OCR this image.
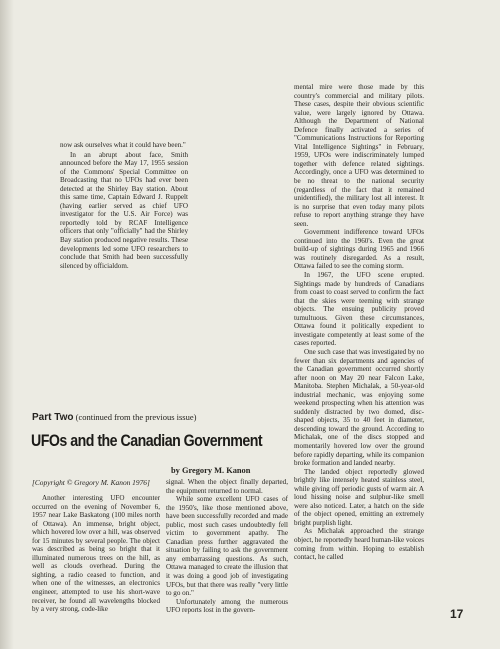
now ask ourselves what it could have been."

In an abrupt about face, Smith announced before the May 17, 1955 session of the Commons' Special Committee on Broadcasting that no UFOs had ever been detected at the Shirley Bay station. About this same time, Captain Edward J. Ruppelt (having earlier served as chief UFO investigator for the U.S. Air Force) was reportedly told by RCAF Intelligence officers that only "officially" had the Shirley Bay station produced negative results. These developments led some UFO researchers to conclude that Smith had been successfully silenced by officialdom.

mental mire were those made by this country's commercial and military pilots. These cases, despite their obvious scientific value, were largely ignored by Ottawa. Although the Department of National Defence finally activated a series of "Communications Instructions for Reporting Vital Intelligence Sightings" in February, 1959, UFOs were indiscriminately lumped together with defence related sightings. Accordingly, once a UFO was determined to be no threat to the national security (regardless of the fact that it remained unidentified), the military lost all interest. It is no surprise that even today many pilots refuse to report anything strange they have seen.

Government indifference toward UFOs continued into the 1960's. Even the great build-up of sightings during 1965 and 1966 was routinely disregarded. As a result, Ottawa failed to see the coming storm.

In 1967, the UFO scene erupted. Sightings made by hundreds of Canadians from coast to coast served to confirm the fact that the skies were teeming with strange objects. The ensuing publicity proved tumultuous. Given these circumstances, Ottawa found it politically expedient to investigate competently at least some of the cases reported.

One such case that was investigated by no fewer than six departments and agencies of the Canadian government occurred shortly after noon on May 20 near Falcon Lake, Manitoba. Stephen Michalak, a 50-year-old industrial mechanic, was enjoying some weekend prospecting when his attention was suddenly distracted by two domed, disc-shaped objects, 35 to 40 feet in diameter, descending toward the ground. According to Michalak, one of the discs stopped and momentarily hovered low over the ground before rapidly departing, while its companion broke formation and landed nearby.

The landed object reportedly glowed brightly like intensely heated stainless steel, while giving off periodic gusts of warm air. A loud hissing noise and sulphur-like smell were also noticed. Later, a hatch on the side of the object opened, emitting an extremely bright purplish light.

As Michalak approached the strange object, he reportedly heard human-like voices coming from within. Hoping to establish contact, he called

Part Two (continued from the previous issue)
UFOs and the Canadian Government
by Gregory M. Kanon
[Copyright © Gregory M. Kanon 1976]

Another interesting UFO encounter occurred on the evening of November 6, 1957 near Lake Baskatong (100 miles north of Ottawa). An immense, bright object, which hovered low over a hill, was observed for 15 minutes by several people. The object was described as being so bright that it illuminated numerous trees on the hill, as well as clouds overhead. During the sighting, a radio ceased to function, and when one of the witnesses, an electronics engineer, attempted to use his short-wave receiver, he found all wavelengths blocked by a very strong, code-like

signal. When the object finally departed, the equipment returned to normal.

While some excellent UFO cases of the 1950's, like those mentioned above, have been successfully recorded and made public, most such cases undoubtedly fell victim to government apathy. The Canadian press further aggravated the situation by failing to ask the government any embarrassing questions. As such, Ottawa managed to create the illusion that it was doing a good job of investigating UFOs, but that there was really "very little to go on."

Unfortunately among the numerous UFO reports lost in the govern-	17
